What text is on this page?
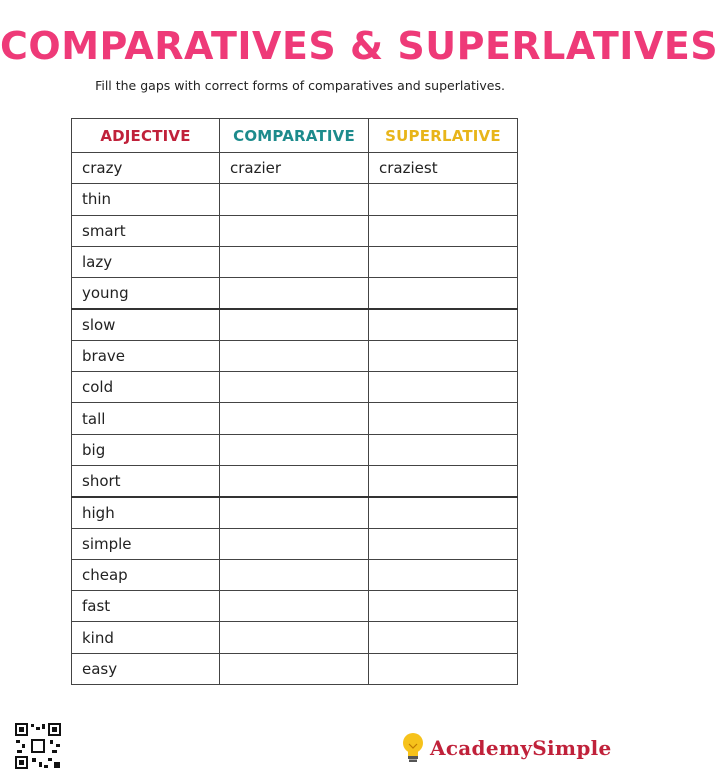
COMPARATIVES & SUPERLATIVES
Fill the gaps with correct forms of comparatives and superlatives.
ADJECTIVE	COMPARATIVE	SUPERLATIVE
crazy	crazier	craziest
thin		
smart		
lazy		
young		
slow		
brave		
cold		
tall		
big		
short		
high		
simple		
cheap		
fast		
kind		
easy		
AcademySimple
